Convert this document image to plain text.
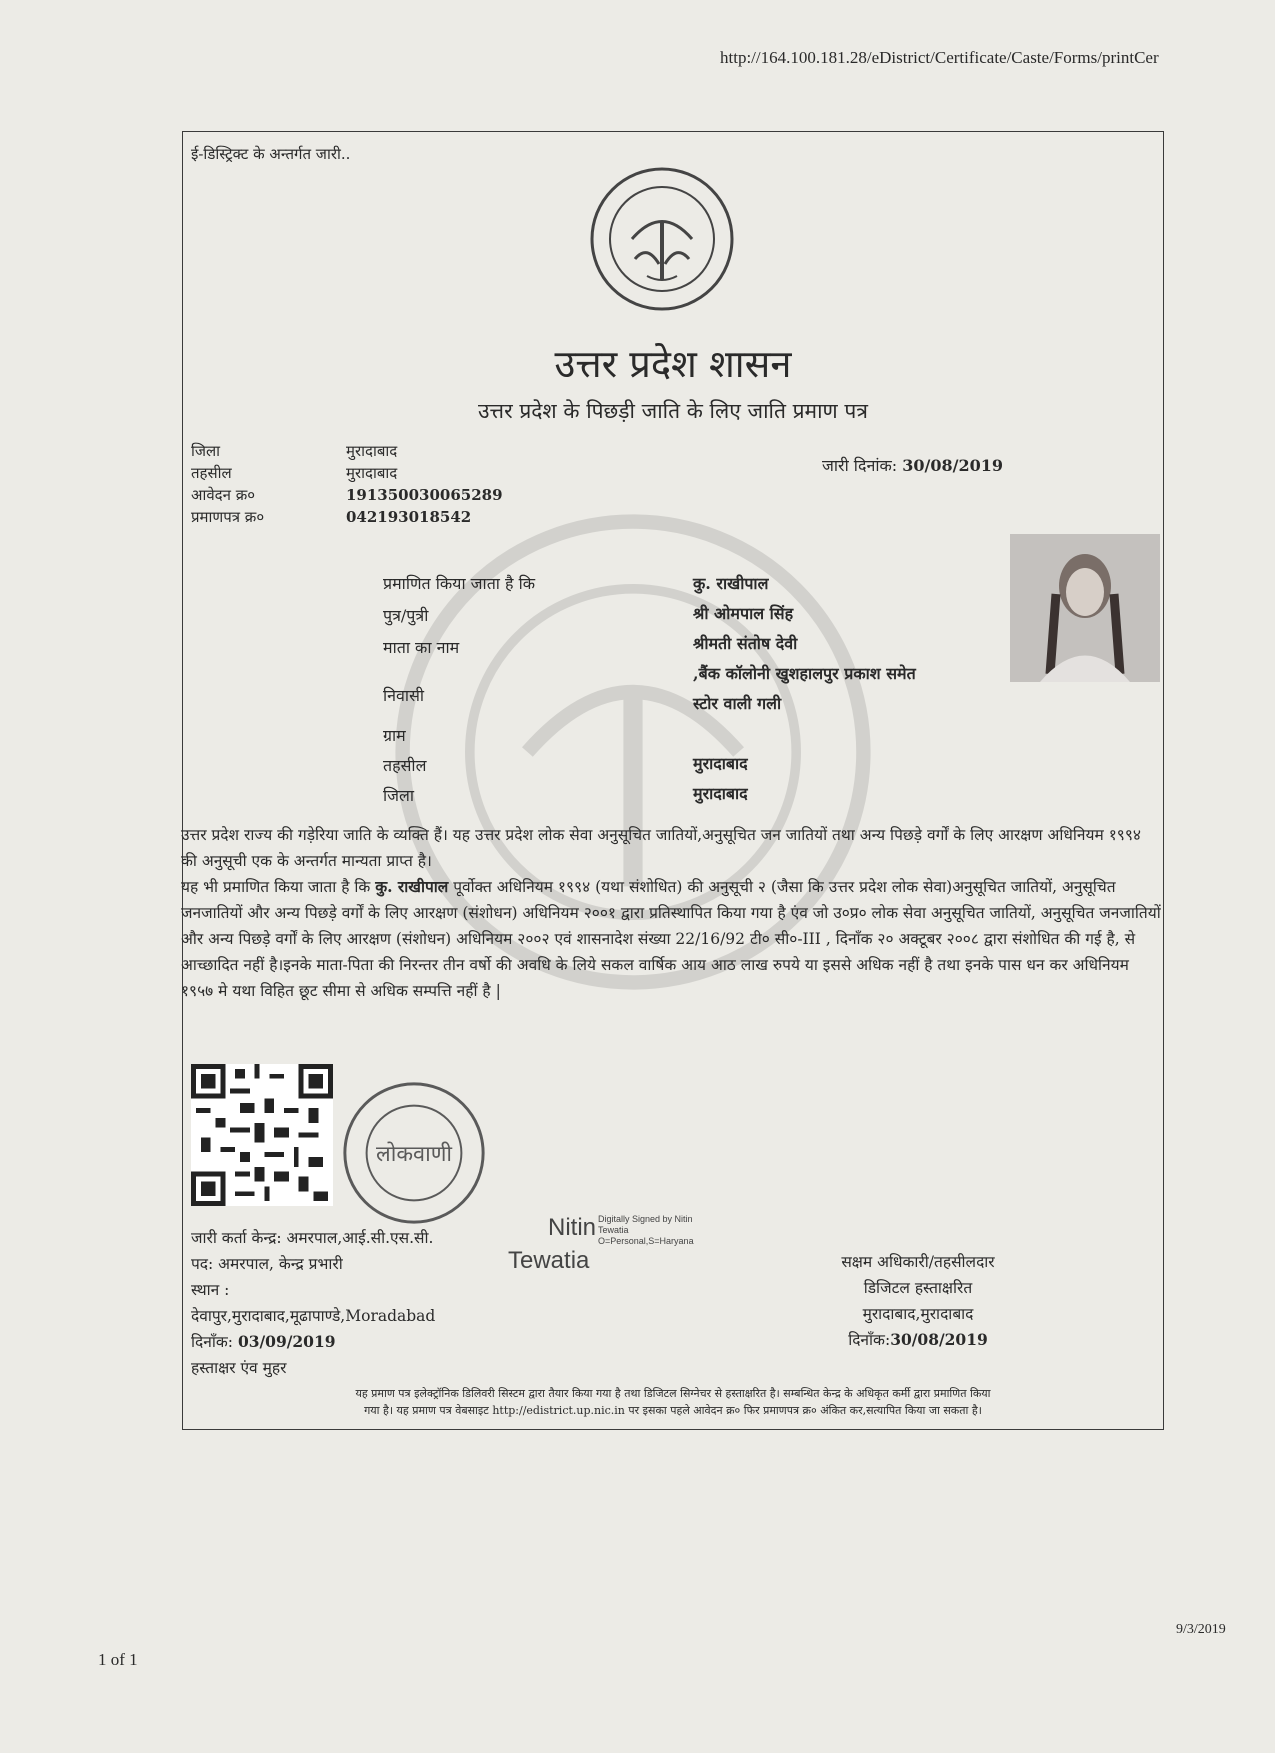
http://164.100.181.28/eDistrict/Certificate/Caste/Forms/printCer
ई-डिस्ट्रिक्ट के अन्तर्गत जारी..
उत्तर प्रदेश शासन
उत्तर प्रदेश के पिछड़ी जाति के लिए जाति प्रमाण पत्र
जिला	मुरादाबाद
तहसील	मुरादाबाद
आवेदन क्र०	191350030065289
प्रमाणपत्र क्र०	042193018542
जारी दिनांक: 30/08/2019
प्रमाणित किया जाता है कि	कु. राखीपाल
पुत्र/पुत्री	श्री ओमपाल सिंह
माता का नाम	श्रीमती संतोष देवी
,बैंक कॉलोनी खुशहालपुर प्रकाश समेत
निवासी	स्टोर वाली गली
ग्राम
तहसील	मुरादाबाद
जिला	मुरादाबाद

उत्तर प्रदेश राज्य की गड़ेरिया जाति के व्यक्ति हैं। यह उत्तर प्रदेश लोक सेवा अनुसूचित जातियों,अनुसूचित जन जातियों तथा अन्य पिछड़े वर्गों के लिए आरक्षण अधिनियम १९९४ की अनुसूची एक के अन्तर्गत मान्यता प्राप्त है।

यह भी प्रमाणित किया जाता है कि कु. राखीपाल पूर्वोक्त अधिनियम १९९४ (यथा संशोधित) की अनुसूची २ (जैसा कि उत्तर प्रदेश लोक सेवा)अनुसूचित जातियों, अनुसूचित जनजातियों और अन्य पिछड़े वर्गों के लिए आरक्षण (संशोधन) अधिनियम २००१ द्वारा प्रतिस्थापित किया गया है एंव जो उ०प्र० लोक सेवा अनुसूचित जातियों, अनुसूचित जनजातियों और अन्य पिछड़े वर्गों के लिए आरक्षण (संशोधन) अधिनियम २००२ एवं शासनादेश संख्या 22/16/92 टी० सी०-III , दिनाँक २० अक्टूबर २००८ द्वारा संशोधित की गई है, से आच्छादित नहीं है।इनके माता-पिता की निरन्तर तीन वर्षो की अवधि के लिये सकल वार्षिक आय आठ लाख रुपये या इससे अधिक नहीं है तथा इनके पास धन कर अधिनियम १९५७ मे यथा विहित छूट सीमा से अधिक सम्पत्ति नहीं है |

लोकवाणी
जारी कर्ता केन्द्र: अमरपाल,आई.सी.एस.सी.
पद: अमरपाल, केन्द्र प्रभारी
स्थान :
देवापुर,मुरादाबाद,मूढापाण्डे,Moradabad
दिनाँक: 03/09/2019
हस्ताक्षर एंव मुहर
Nitin Digitally Signed by Nitin
Tewatia
O=Personal,S=Haryana
Tewatia	सक्षम अधिकारी/तहसीलदार
डिजिटल हस्ताक्षरित
मुरादाबाद,मुरादाबाद
दिनाँक:30/08/2019
यह प्रमाण पत्र इलेक्ट्रॉनिक डिलिवरी सिस्टम द्वारा तैयार किया गया है तथा डिजिटल सिग्नेचर से हस्ताक्षरित है। सम्बन्धित केन्द्र के अधिकृत कर्मी द्वारा प्रमाणित किया
गया है। यह प्रमाण पत्र वेबसाइट http://edistrict.up.nic.in पर इसका पहले आवेदन क्र० फिर प्रमाणपत्र क्र० अंकित कर,सत्यापित किया जा सकता है।
1 of 1
9/3/2019
